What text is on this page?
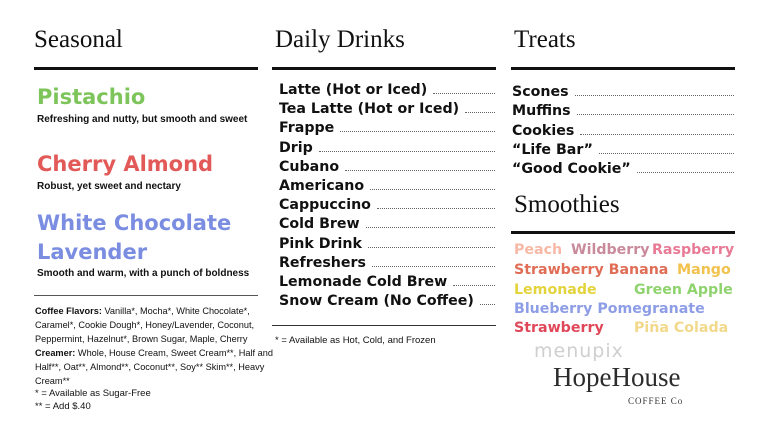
Seasonal
Pistachio
Refreshing and nutty, but smooth and sweet
Cherry Almond
Robust, yet sweet and nectary
White Chocolate
Lavender
Smooth and warm, with a punch of boldness
Coffee Flavors: Vanilla*, Mocha*, White Chocolate*, Caramel*, Cookie Dough*, Honey/Lavender, Coconut, Peppermint, Hazelnut*, Brown Sugar, Maple, Cherry Creamer: Whole, House Cream, Sweet Cream**, Half and Half**, Oat**, Almond**, Coconut**, Soy** Skim**, Heavy Cream**
* = Available as Sugar-Free
** = Add $.40
Daily Drinks
Latte (Hot or Iced)
Tea Latte (Hot or Iced)
Frappe
Drip
Cubano
Americano
Cappuccino
Cold Brew
Pink Drink
Refreshers
Lemonade Cold Brew
Snow Cream (No Coffee)
* = Available as Hot, Cold, and Frozen
Treats
Scones
Muffins
Cookies
“Life Bar”
“Good Cookie”
Smoothies
Peach Wildberry Raspberry
Strawberry Banana Mango
Lemonade	Green Apple
Blueberry Pomegranate
Strawberry Piña Colada
menupix
HopeHouse
COFFEE Co
